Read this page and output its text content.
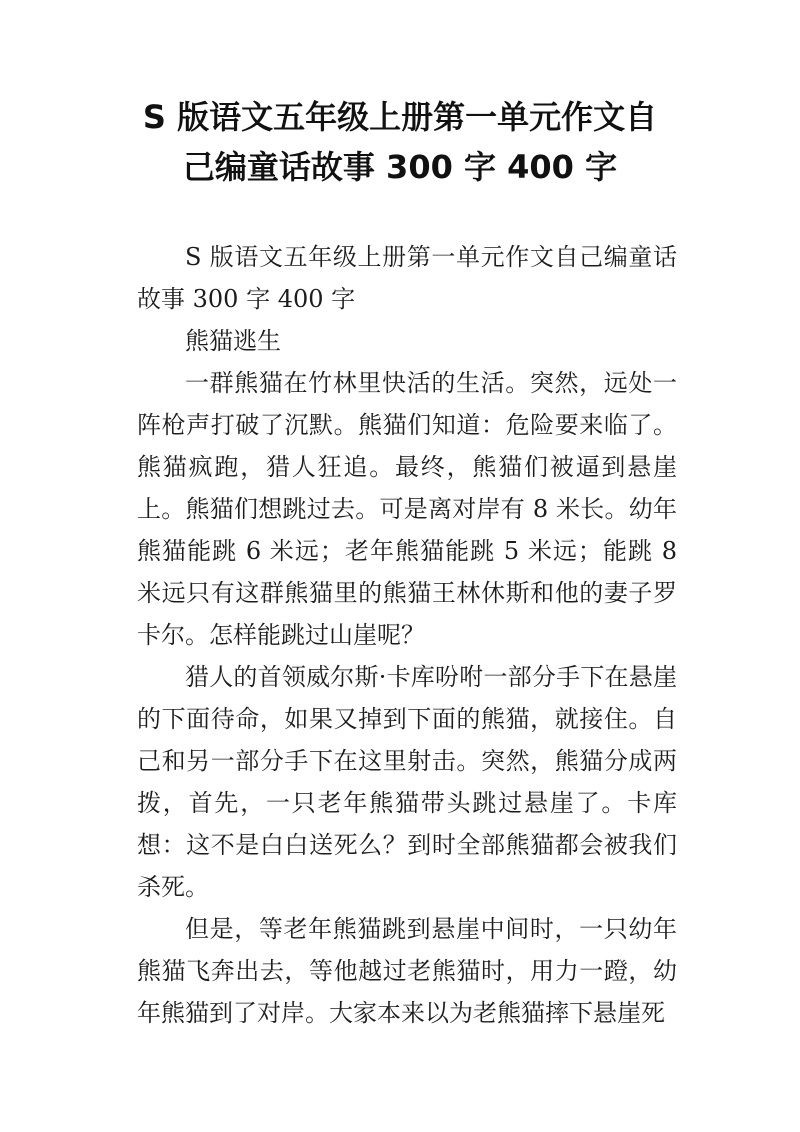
S 版语文五年级上册第一单元作文自
己编童话故事 300 字 400 字

S 版语文五年级上册第一单元作文自己编童话故事 300 字 400 字

熊猫逃生

一群熊猫在竹林里快活的生活。突然，远处一阵枪声打破了沉默。熊猫们知道：危险要来临了。熊猫疯跑，猎人狂追。最终，熊猫们被逼到悬崖上。熊猫们想跳过去。可是离对岸有 8 米长。幼年熊猫能跳 6 米远；老年熊猫能跳 5 米远；能跳 8 米远只有这群熊猫里的熊猫王林休斯和他的妻子罗卡尔。怎样能跳过山崖呢？

猎人的首领威尔斯·卡库吩咐一部分手下在悬崖的下面待命，如果又掉到下面的熊猫，就接住。自己和另一部分手下在这里射击。突然，熊猫分成两拨，首先，一只老年熊猫带头跳过悬崖了。卡库想：这不是白白送死么？到时全部熊猫都会被我们杀死。

但是，等老年熊猫跳到悬崖中间时，一只幼年熊猫飞奔出去，等他越过老熊猫时，用力一蹬，幼年熊猫到了对岸。大家本来以为老熊猫摔下悬崖死
